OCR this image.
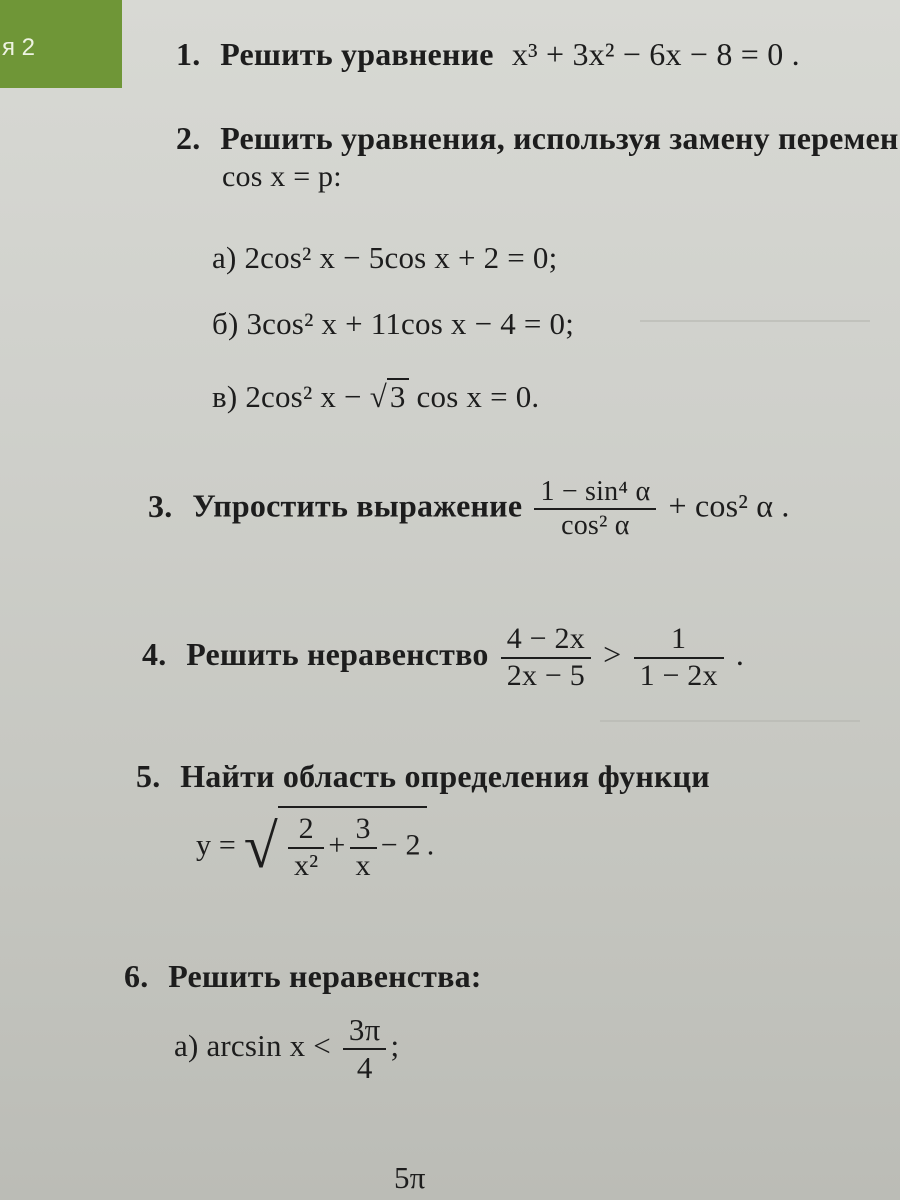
я 2	1. Решить уравнение x³ + 3x² − 6x − 8 = 0 .
2. Решить уравнения, используя замену перемен
cos x = p:
а) 2cos² x − 5cos x + 2 = 0;
б) 3cos² x + 11cos x − 4 = 0;
в) 2cos² x − √3 cos x = 0.
3. Упростить выражение $\frac{\text{1 − sin⁴ α}}{\text{cos² α}} + \cos^2$ α .
4. Решить неравенство $\frac{4 - 2x}{2x - 5} > \frac{1}{1 - 2x}$ .
5. Найти область определения функци
y = √ $\frac{2}{\text{x²}} + \frac{3}{x} - 2$ .
6. Решить неравенства:
а) $\arcsin x < \frac{3\pi}{4}$ ;
5π
